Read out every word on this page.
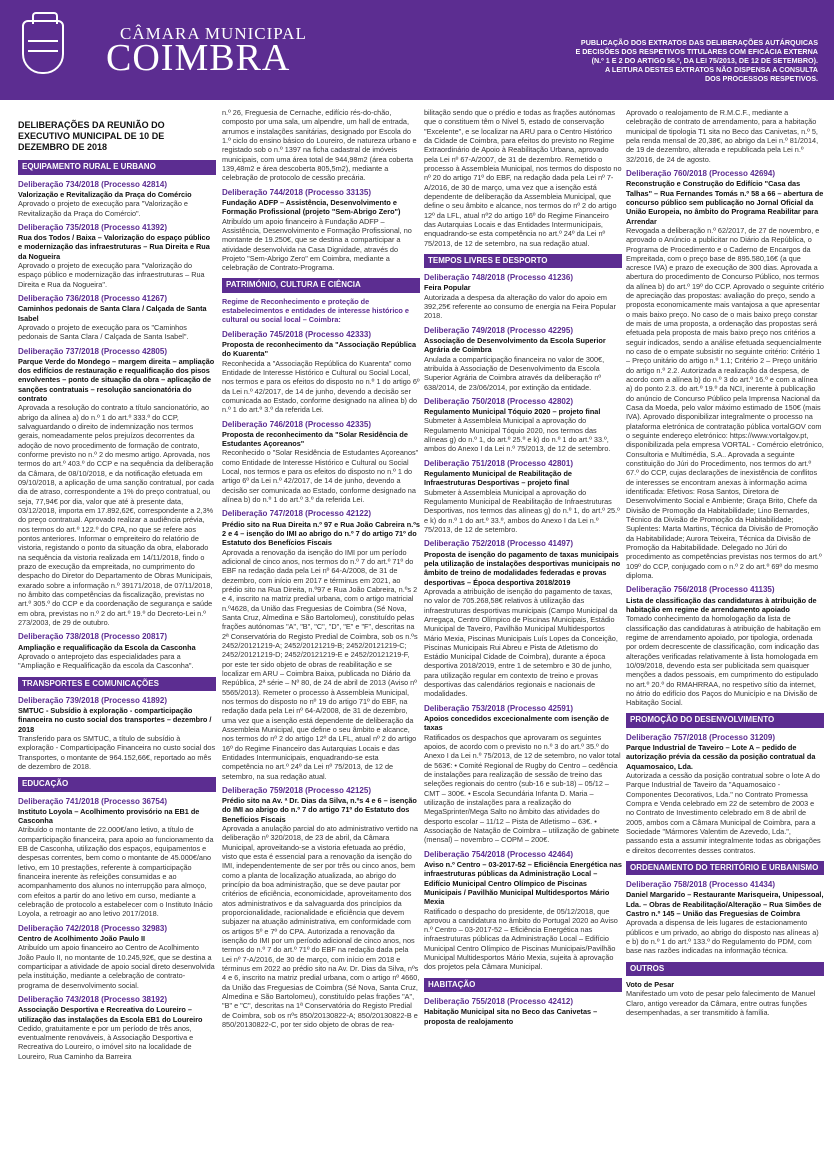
CÂMARA MUNICIPAL
COIMBRA	PUBLICAÇÃO DOS EXTRATOS DAS DELIBERAÇÕES AUTÁRQUICAS
E DECISÕES DOS RESPETIVOS TITULARES COM EFICÁCIA EXTERNA
(N.º 1 E 2 DO ARTIGO 56.º, DA LEI 75/2013, DE 12 DE SETEMBRO).
A LEITURA DESTES EXTRATOS NÃO DISPENSA A CONSULTA
DOS PROCESSOS RESPETIVOS.
DELIBERAÇÕES DA REUNIÃO DO EXECUTIVO MUNICIPAL DE 10 DE DEZEMBRO DE 2018
EQUIPAMENTO RURAL E URBANO
Deliberação 734/2018 (Processo 42814)
Valorização e Revitalização da Praça do Comércio
Aprovado o projeto de execução para "Valorização e Revitalização da Praça do Comércio".
Deliberação 735/2018 (Processo 41392)
Rua dos Todos / Baixa – Valorização do espaço público e modernização das infraestruturas – Rua Direita e Rua da Nogueira
Aprovado o projeto de execução para "Valorização do espaço público e modernização das infraestruturas – Rua Direita e Rua da Nogueira".
Deliberação 736/2018 (Processo 41267)
Caminhos pedonais de Santa Clara / Calçada de Santa Isabel
Aprovado o projeto de execução para os "Caminhos pedonais de Santa Clara / Calçada de Santa Isabel".
Deliberação 737/2018 (Processo 42805)
Parque Verde do Mondego – margem direita – ampliação dos edifícios de restauração e requalificação dos pisos envolventes – ponto de situação da obra – aplicação de sanções contratuais – resolução sancionatória do contrato
Aprovada a resolução do contrato a título sancionatório, ao abrigo da alínea a) do n.º 1 do art.º 333.º do CCP, salvaguardando o direito de indemnização nos termos gerais, nomeadamente pelos prejuízos decorrentes da adoção de novo procedimento de formação de contrato, conforme previsto no n.º 2 do mesmo artigo. Aprovada, nos termos do art.º 403.º do CCP e na sequência da deliberação da Câmara, de 08/10/2018, e da notificação efetuada em 09/10/2018, a aplicação de uma sanção contratual, por cada dia de atraso, correspondente a 1% do preço contratual, ou seja, 77,94€ por dia, valor que até à presente data, 03/12/2018, importa em 17.892,62€, correspondente a 2,3% do preço contratual. Aprovado realizar a audiência prévia, nos termos do art.º 122.º do CPA, no que se refere aos pontos anteriores. Informar o empreiteiro do relatório de vistoria, registando o ponto da situação da obra, elaborado na sequência da vistoria realizada em 14/11/2018, findo o prazo de execução da empreitada, no cumprimento do despacho do Diretor do Departamento de Obras Municipais, exarado sobre a informação n.º 39171/2018, de 07/11/2018, no âmbito das competências da fiscalização, previstas no art.º 305.º do CCP e da coordenação de segurança e saúde em obra, previstas no n.º 2 do art.º 19.º do Decreto-Lei n.º 273/2003, de 29 de outubro.
Deliberação 738/2018 (Processo 20817)
Ampliação e requalificação da Escola da Casconha
Aprovado o anteprojeto das especialidades para a "Ampliação e Requalificação da escola da Casconha".
TRANSPORTES E COMUNICAÇÕES
Deliberação 739/2018 (Processo 41892)
SMTUC - Subsídio à exploração - comparticipação financeira no custo social dos transportes – dezembro / 2018
Transferido para os SMTUC, a título de subsídio à exploração - Comparticipação Financeira no custo social dos Transportes, o montante de 964.152,66€, reportado ao mês de dezembro de 2018.
EDUCAÇÃO
Deliberação 741/2018 (Processo 36754)
Instituto Loyola – Acolhimento provisório na EB1 de Casconha
Atribuído o montante de 22.000€/ano letivo, a título de comparticipação financeira, para apoio ao funcionamento da EB de Casconha, utilização dos espaços, equipamentos e despesas correntes, bem como o montante de 45.000€/ano letivo, em 10 prestações, referente à comparticipação financeira inerente às refeições consumidas e ao acompanhamento dos alunos no interrupção para almoço, com efeitos a partir do ano letivo em curso, mediante a celebração de protocolo a estabelecer com o Instituto Inácio Loyola, a retroagir ao ano letivo 2017/2018.
Deliberação 742/2018 (Processo 32983)
Centro de Acolhimento João Paulo II
Atribuído um apoio financeiro ao Centro de Acolhimento João Paulo II, no montante de 10.245,92€, que se destina a comparticipar a atividade de apoio social direto desenvolvida pela instituição, mediante a celebração de contrato-programa de desenvolvimento social.
Deliberação 743/2018 (Processo 38192)
Associação Desportiva e Recreativa do Loureiro – utilização das instalações da Escola EB1 do Loureiro
Cedido, gratuitamente e por um período de três anos, eventualmente renováveis, à Associação Desportiva e Recreativa do Loureiro, o imóvel sito na localidade de Loureiro, Rua Caminho da Barreira
n.º 26, Freguesia de Cernache, edifício rés-do-chão, composto por uma sala, um alpendre, um hall de entrada, arrumos e instalações sanitárias, designado por Escola do 1.º ciclo do ensino básico do Loureiro, de natureza urbano e registado sob o n.º 1397 na ficha cadastral de imóveis municipais, com uma área total de 944,98m2 (área coberta 139,48m2 e área descoberta 805,5m2), mediante a celebração de protocolo de cessão precária.
Deliberação 744/2018 (Processo 33135)
Fundação ADFP – Assistência, Desenvolvimento e Formação Profissional (projeto "Sem-Abrigo Zero")
Atribuído um apoio financeiro à Fundação ADFP – Assistência, Desenvolvimento e Formação Profissional, no montante de 19.250€, que se destina a comparticipar a atividade desenvolvida na Casa Dignidade, através do Projeto "Sem-Abrigo Zero" em Coimbra, mediante a celebração de Contrato-Programa.
PATRIMÓNIO, CULTURA E CIÊNCIA
Regime de Reconhecimento e proteção de estabelecimentos e entidades de interesse histórico e cultural ou social local – Coimbra:
Deliberação 745/2018 (Processo 42333)
Proposta de reconhecimento da "Associação República do Kuarenta"
Reconhecida a "Associação República do Kuarenta" como Entidade de Interesse Histórico e Cultural ou Social Local, nos termos e para os efeitos do disposto no n.º 1 do artigo 6º da Lei n.º 42/2017, de 14 de junho, devendo a decisão ser comunicada ao Estado, conforme designado na alínea b) do n.º 1 do art.º 3.º da referida Lei.
Deliberação 746/2018 (Processo 42335)
Proposta de reconhecimento da "Solar Residência de Estudantes Açoreanos"
Reconhecido o "Solar Residência de Estudantes Açoreanos" como Entidade de Interesse Histórico e Cultural ou Social Local, nos termos e para os efeitos do disposto no n.º 1 do artigo 6º da Lei n.º 42/2017, de 14 de junho, devendo a decisão ser comunicada ao Estado, conforme designado na alínea b) do n.º 1 do art.º 3.º da referida Lei.
Deliberação 747/2018 (Processo 42122)
Prédio sito na Rua Direita n.º 97 e Rua João Cabreira n.ºs 2 e 4 – isenção do IMI ao abrigo do n.º 7 do artigo 71º do Estatuto dos Benefícios Fiscais
Aprovada a renovação da isenção do IMI por um período adicional de cinco anos, nos termos do n.º 7 do art.º 71º do EBF na redação dada pela Lei nº 64-A/2008, de 31 de dezembro, com início em 2017 e términus em 2021, ao prédio sito na Rua Direita, n.º97 e Rua João Cabreira, n.ºs 2 e 4, inscrito na matriz predial urbana, com o artigo matricial n.º4628, da União das Freguesias de Coimbra (Sé Nova, Santa Cruz, Almedina e São Bartolomeu), constituído pelas frações autónomas "A", "B", "C", "D", "E" e "F", descritas na 2ª Conservatória do Registo Predial de Coimbra, sob os n.ºs 2452/20121219-A; 2452/20121219-B; 2452/20121219-C; 2452/20121219-D; 2452/20121219-E e 2452/20121219-F, por este ter sido objeto de obras de reabilitação e se localizar em ARU – Coimbra Baixa, publicada no Diário da República, 2ª série – Nº 80, de 24 de abril de 2013 (Aviso nº 5565/2013). Remeter o processo à Assembleia Municipal, nos termos do disposto no nº 19 do artigo 71º do EBF, na redação dada pela Lei nº 64-A/2008, de 31 de dezembro, uma vez que a isenção está dependente de deliberação da Assembleia Municipal, que define o seu âmbito e alcance, nos termos do nº 2 do artigo 12º da LFL, atual nº 2 do artigo 16º do Regime Financeiro das Autarquias Locais e das Entidades Intermunicipais, enquadrando-se esta competência no art.º 24º da Lei nº 75/2013, de 12 de setembro, na sua redação atual.
Deliberação 759/2018 (Processo 42125)
Prédio sito na Av. ª Dr. Dias da Silva, n.ºs 4 e 6 – isenção do IMI ao abrigo do n.º 7 do artigo 71º do Estatuto dos Benefícios Fiscais
Aprovada a anulação parcial do ato administrativo vertido na deliberação nº 320/2018, de 23 de abril, da Câmara Municipal, aproveitando-se a vistoria efetuada ao prédio, visto que esta é essencial para a renovação da isenção do IMI, independentemente de ser por três ou cinco anos, bem como a planta de localização atualizada, ao abrigo do princípio da boa administração, que se deve pautar por critérios de eficiência, economicidade, aproveitamento dos atos administrativos e da salvaguarda dos princípios da proporcionalidade, racionalidade e eficiência que devem subjazer na atuação administrativa, em conformidade com os artigos 5º e 7º do CPA. Autorizada a renovação da isenção do IMI por um período adicional de cinco anos, nos termos do n.º 7 do art.º 71º do EBF na redação dada pela Lei nº 7-A/2016, de 30 de março, com início em 2018 e términus em 2022 ao prédio sito na Av. Dr. Dias da Silva, nºs 4 e 6, inscrito na matriz predial urbana, com o artigo nº 4660, da União das Freguesias de Coimbra (Sé Nova, Santa Cruz, Almedina e São Bartolomeu), constituído pelas frações "A", "B" e "C", descritas na 1ª Conservatória do Registo Predial de Coimbra, sob os nºs 850/20130822-A; 850/20130822-B e 850/20130822-C, por ter sido objeto de obras de rea-
bilitação sendo que o prédio e todas as frações autónomas que o constituem têm o Nível 5, estado de conservação "Excelente", e se localizar na ARU para o Centro Histórico da Cidade de Coimbra, para efeitos do previsto no Regime Extraordinário de Apoio à Reabilitação Urbana, aprovado pela Lei nº 67-A/2007, de 31 de dezembro. Remetido o processo à Assembleia Municipal, nos termos do disposto no nº 20 do artigo 71º do EBF, na redação dada pela Lei nº 7-A/2016, de 30 de março, uma vez que a isenção está dependente de deliberação da Assembleia Municipal, que define o seu âmbito e alcance, nos termos do nº 2 do artigo 12º da LFL, atual nº2 do artigo 16º do Regime Financeiro das Autarquias Locais e das Entidades Intermunicipais, enquadrando-se esta competência no art.º 24º da Lei nº 75/2013, de 12 de setembro, na sua redação atual.
TEMPOS LIVRES E DESPORTO
Deliberação 748/2018 (Processo 41236)
Feira Popular
Autorizada a despesa da alteração do valor do apoio em 392,25€ referente ao consumo de energia na Feira Popular 2018.
Deliberação 749/2018 (Processo 42295)
Associação de Desenvolvimento da Escola Superior Agrária de Coimbra
Anulada a comparticipação financeira no valor de 300€, atribuída à Associação de Desenvolvimento da Escola Superior Agrária de Coimbra através da deliberação nº 638/2014, de 23/06/2014, por extinção da entidade.
Deliberação 750/2018 (Processo 42802)
Regulamento Municipal Tóquio 2020 – projeto final
Submeter à Assembleia Municipal a aprovação do Regulamento Municipal Tóquio 2020, nos termos das alíneas g) do n.º 1, do art.º 25.º e k) do n.º 1 do art.º 33.º, ambos do Anexo I da Lei n.º 75/2013, de 12 de setembro.
Deliberação 751/2018 (Processo 42801)
Regulamento Municipal de Reabilitação de Infraestruturas Desportivas – projeto final
Submeter à Assembleia Municipal a aprovação do Regulamento Municipal de Reabilitação de Infraestruturas Desportivas, nos termos das alíneas g) do n.º 1, do art.º 25.º e k) do n.º 1 do art.º 33.º, ambos do Anexo I da Lei n.º 75/2013, de 12 de setembro.
Deliberação 752/2018 (Processo 41497)
Proposta de isenção do pagamento de taxas municipais pela utilização de instalações desportivas municipais no âmbito de treino de modalidades federadas e provas desportivas – Época desportiva 2018/2019
Aprovada a atribuição de isenção do pagamento de taxas, no valor de 705.268,58€ relativos à utilização das infraestruturas desportivas municipais (Campo Municipal da Arregaça, Centro Olímpico de Piscinas Municipais, Estádio Municipal de Taveiro, Pavilhão Municipal Multidesportos Mário Mexia, Piscinas Municipais Luís Lopes da Conceição, Piscinas Municipais Rui Abreu e Pista de Atletismo do Estádio Municipal Cidade de Coimbra), durante a época desportiva 2018/2019, entre 1 de setembro e 30 de junho, para utilização regular em contexto de treino e provas desportivas das calendários regionais e nacionais de modalidades.
Deliberação 753/2018 (Processo 42591)
Apoios concedidos excecionalmente com isenção de taxas
Ratificados os despachos que aprovaram os seguintes apoios, de acordo com o previsto no n.º 3 do art.º 35.º do Anexo I da Lei n.º 75/2013, de 12 de setembro, no valor total de 563€: • Comité Regional de Rugby do Centro – cedência de instalações para realização de sessão de treino das seleções regionais do centro (sub-16 e sub-18) – 05/12 – CMT – 300€. • Escola Secundária Infanta D. Maria – utilização de instalações para a realização do MegaSprinter/Mega Salto no âmbito das atividades do desporto escolar – 11/12 – Pista de Atletismo – 63€. • Associação de Natação de Coimbra – utilização de gabinete (mensal) – novembro – COPM – 200€.
Deliberação 754/2018 (Processo 42464)
Aviso n.º Centro – 03-2017-52 – Eficiência Energética nas infraestruturas públicas da Administração Local – Edifício Municipal Centro Olímpico de Piscinas Municipais / Pavilhão Municipal Multidesportos Mário Mexia
Ratificado o despacho do presidente, de 05/12/2018, que aprovou a candidatura no âmbito do Portugal 2020 ao Aviso n.º Centro – 03-2017-52 – Eficiência Energética nas infraestruturas públicas da Administração Local – Edifício Municipal Centro Olímpico de Piscinas Municipais/Pavilhão Municipal Multidesportos Mário Mexia, sujeita à aprovação dos projetos pela Câmara Municipal.
HABITAÇÃO
Deliberação 755/2018 (Processo 42412)
Habitação Municipal sita no Beco das Canivetas – proposta de realojamento
Aprovado o realojamento de R.M.C.F., mediante a celebração de contrato de arrendamento, para a habitação municipal de tipologia T1 sita no Beco das Canivetas, n.º 5, pela renda mensal de 20,38€, ao abrigo da Lei n.º 81/2014, de 19 de dezembro, alterada e republicada pela Lei n.º 32/2016, de 24 de agosto.
Deliberação 760/2018 (Processo 42694)
Reconstrução e Construção do Edifício "Casa das Talhas" – Rua Fernandes Tomás n.º 58 a 66 – abertura de concurso público sem publicação no Jornal Oficial da União Europeia, no âmbito do Programa Reabilitar para Arrendar
Revogada a deliberação n.º 62/2017, de 27 de novembro, e aprovado o Anúncio a publicitar no Diário da República, o Programa de Procedimento e o Caderno de Encargos da Empreitada, com o preço base de 895.580,16€ (a que acresce IVA) e prazo de execução de 300 dias. Aprovada a abertura do procedimento de Concurso Público, nos termos da alínea b) do art.º 19º do CCP. Aprovado o seguinte critério de apreciação das propostas: avaliação do preço, sendo a proposta economicamente mais vantajosa a que apresentar o mais baixo preço. No caso de o mais baixo preço constar de mais de uma proposta, a ordenação das propostas será efetuada pela proposta de mais baixo preço nos critérios a seguir indicados, sendo a análise efetuada sequencialmente no caso de o empate subsistir no seguinte critério: Critério 1 – Preço unitário do artigo n.º 1.1; Critério 2 – Preço unitário do artigo n.º 2.2. Autorizada a realização da despesa, de acordo com a alínea b) do n.º 3 do art.º 16.º e com a alínea a) do ponto 2.3. do art.º 19.º da NCI, inerente à publicação do anúncio de Concurso Público pela Imprensa Nacional da Casa da Moeda, pelo valor máximo estimado de 150€ (mais IVA). Aprovado disponibilizar integralmente o processo na plataforma eletrónica de contratação pública vortalGOV com o seguinte endereço eletrónico: https://www.vortalgov.pt, disponibilizada pela empresa VORTAL - Comércio eletrónico, Consultoria e Multimédia, S.A.. Aprovada a seguinte constituição do Júri do Procedimento, nos termos do art.º 67.º do CCP, cujas declarações de inexistência de conflitos de interesses se encontram anexas à informação acima identificada: Efetivos: Rosa Santos, Diretora de Desenvolvimento Social e Ambiente; Graça Brito, Chefe da Divisão de Promoção da Habitabilidade; Lino Bernardes, Técnico da Divisão de Promoção da Habitabilidade; Suplentes: Marta Martins, Técnica da Divisão de Promoção da Habitabilidade; Aurora Teixeira, Técnica da Divisão de Promoção da Habitabilidade. Delegado no Júri do procedimento as competências previstas nos termos do art.º 109º do CCP, conjugado com o n.º 2 do art.º 69º do mesmo diploma.
Deliberação 756/2018 (Processo 41135)
Lista de classificação das candidaturas à atribuição de habitação em regime de arrendamento apoiado
Tomado conhecimento da homologação da lista de classificação das candidaturas à atribuição de habitação em regime de arrendamento apoiado, por tipologia, ordenada por ordem decrescente de classificação, com indicação das alterações verificadas relativamente à lista homologada em 10/09/2018, devendo esta ser publicitada sem quaisquer menções a dados pessoais, em cumprimento do estipulado no art.º 20.º do RMAHRRAA, no respetivo sítio da internet, no átrio do edifício dos Paços do Município e na Divisão de Habitação Social.
PROMOÇÃO DO DESENVOLVIMENTO
Deliberação 757/2018 (Processo 31209)
Parque Industrial de Taveiro – Lote A – pedido de autorização prévia da cessão da posição contratual da Aquamosaico, Lda.
Autorizada a cessão da posição contratual sobre o lote A do Parque Industrial de Taveiro da "Aquamosaico - Componentes Decorativos, Lda." no Contrato Promessa Compra e Venda celebrado em 22 de setembro de 2003 e no Contrato de Investimento celebrado em 8 de abril de 2005, ambos com a Câmara Municipal de Coimbra, para a Sociedade "Mármores Valentim de Azevedo, Lda.", passando esta a assumir integralmente todas as obrigações e direitos decorrentes desses contratos.
ORDENAMENTO DO TERRITÓRIO E URBANISMO
Deliberação 758/2018 (Processo 41434)
Daniel Margarido – Restaurante Marisqueira, Unipessoal, Lda. – Obras de Reabilitação/Alteração – Rua Simões de Castro n.º 145 – União das Freguesias de Coimbra
Aprovada a dispensa de leis lugares de estacionamento públicos e um privado, ao abrigo do disposto nas alíneas a) e b) do n.º 1 do art.º 133.º do Regulamento do PDM, com base nas razões indicadas na informação técnica.
OUTROS
Voto de Pesar
Manifestado um voto de pesar pelo falecimento de Manuel Claro, antigo vereador da Câmara, entre outras funções desempenhadas, a ser transmitido à família.
